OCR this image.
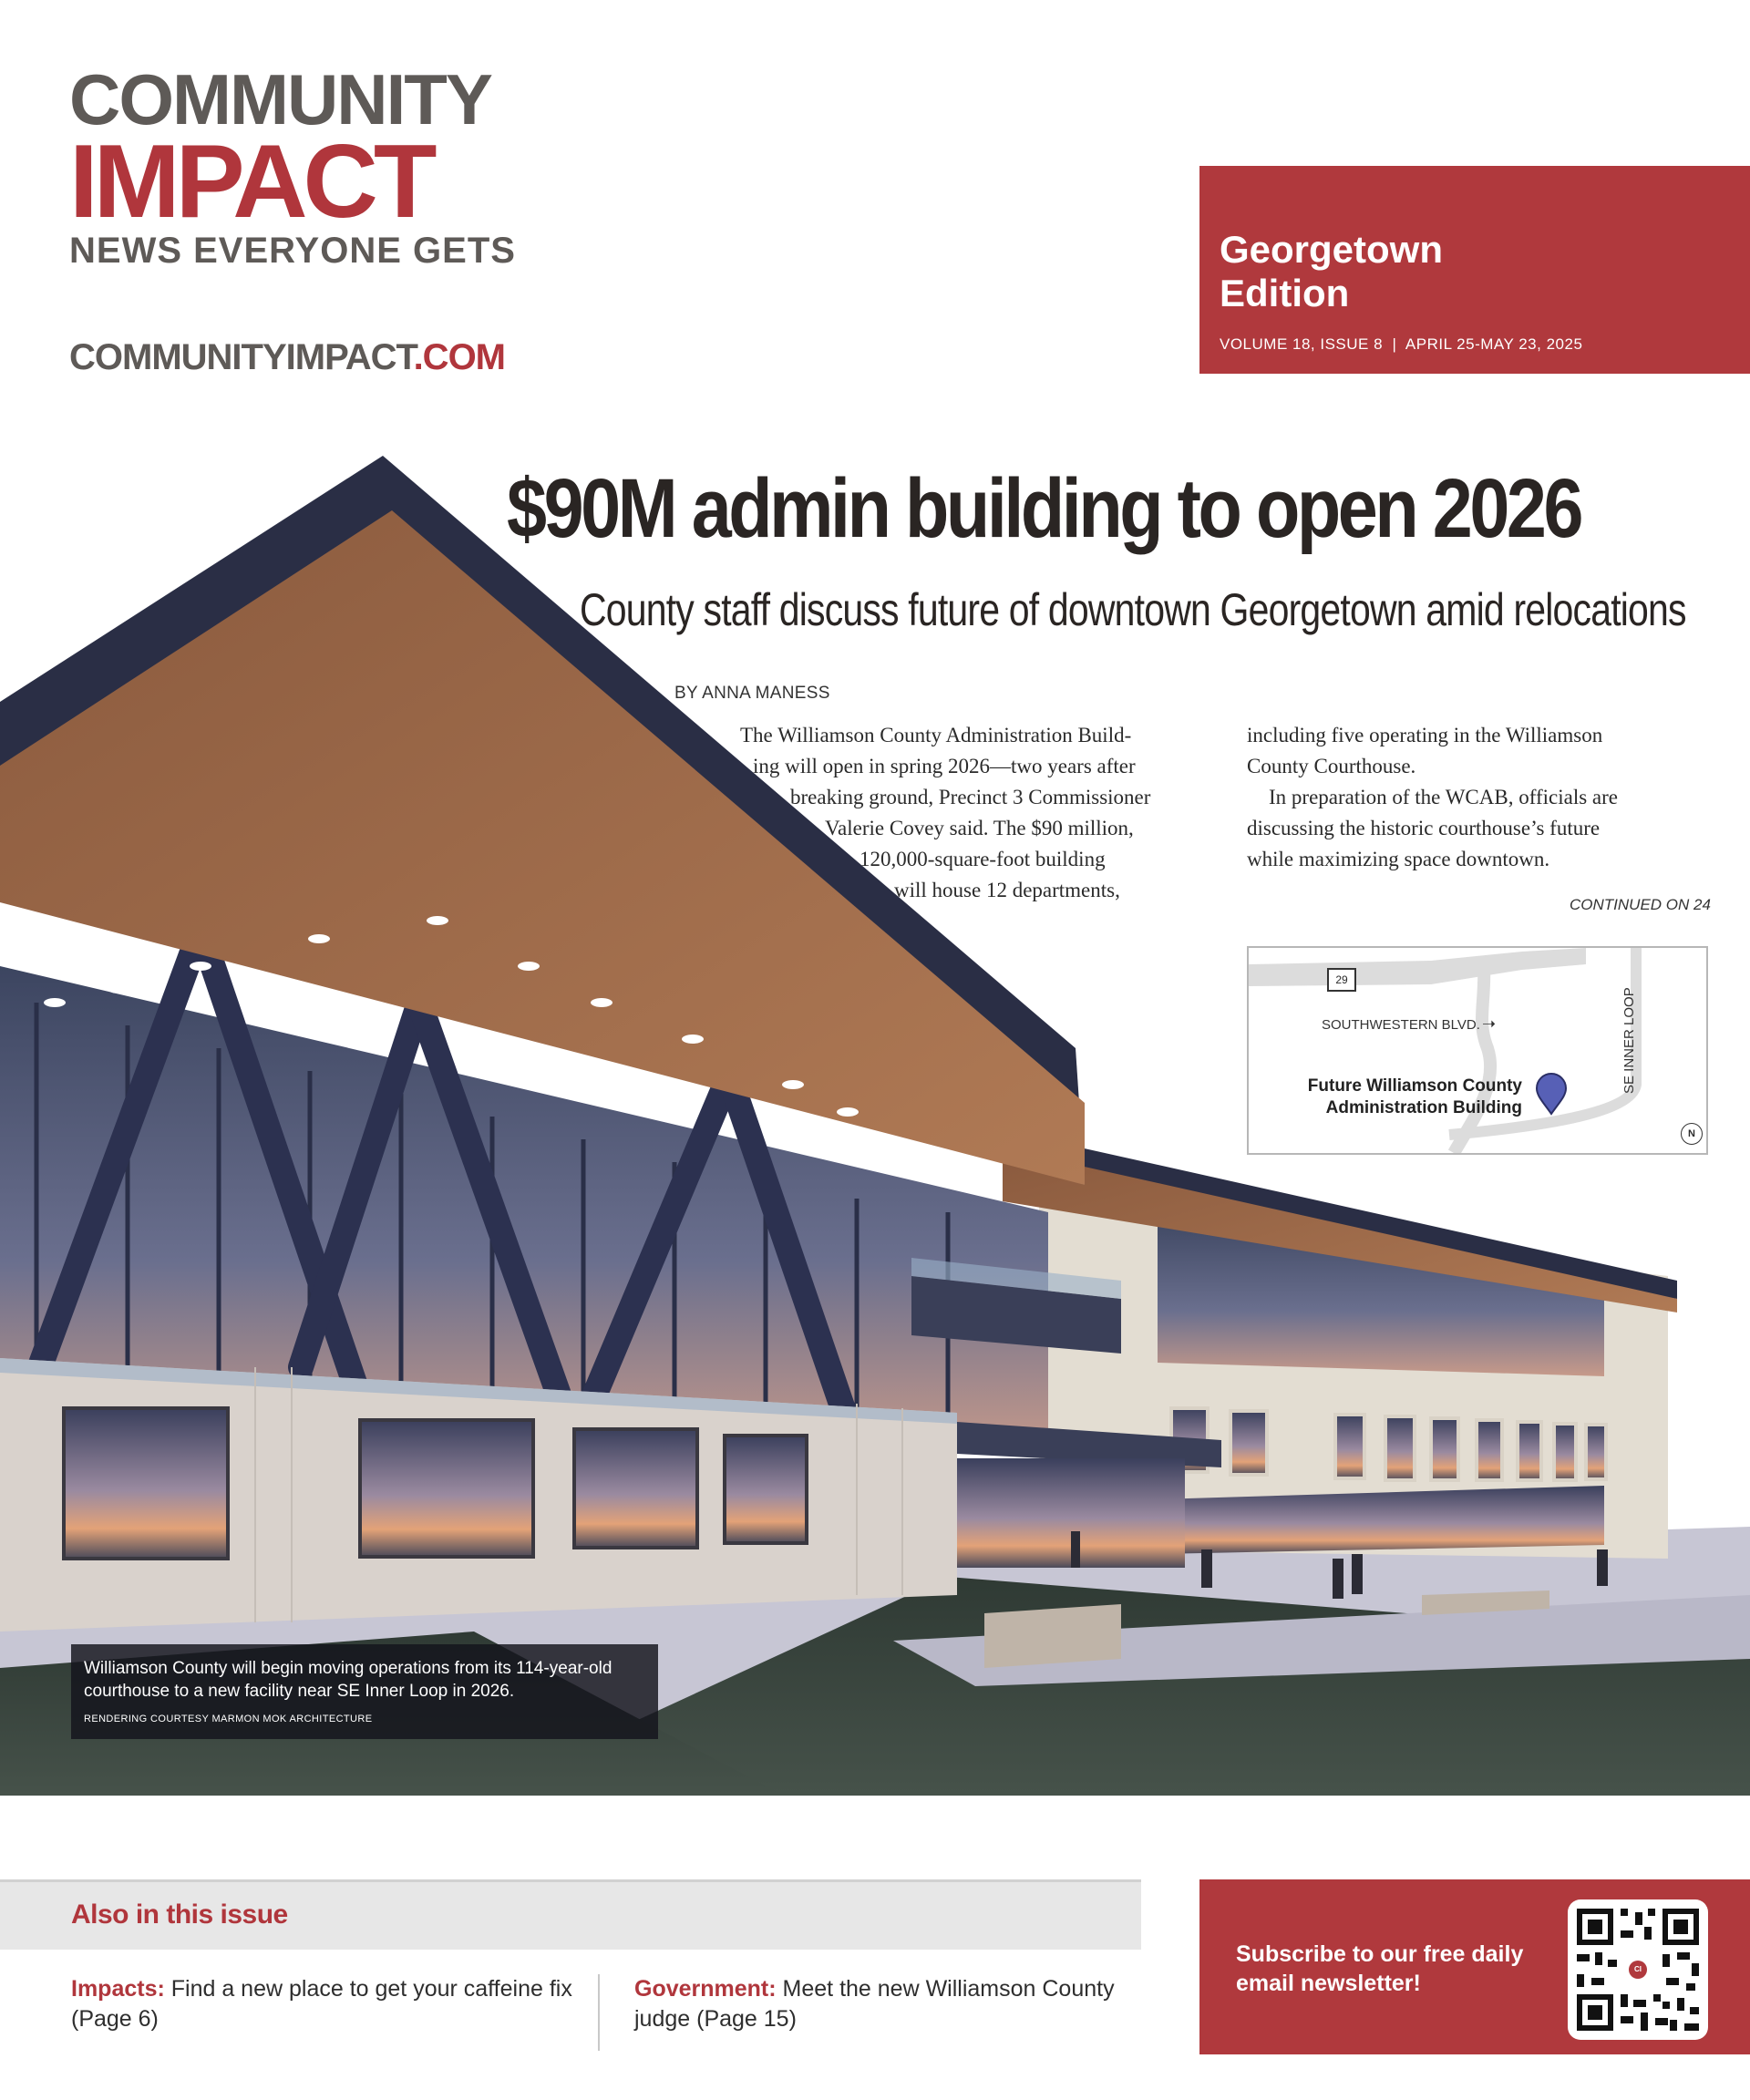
COMMUNITY
IMPACT
NEWS EVERYONE GETS
COMMUNITYIMPACT.COM
Georgetown
Edition
VOLUME 18, ISSUE 8  |  APRIL 25-MAY 23, 2025
$90M admin building to open 2026
County staff discuss future of downtown Georgetown amid relocations
BY ANNA MANESS
The Williamson County Administration Build-
ing will open in spring 2026—two years after
breaking ground, Precinct 3 Commissioner
Valerie Covey said. The $90 million,
120,000-square-foot building
will house 12 departments,
including five operating in the Williamson
County Courthouse.
In preparation of the WCAB, officials are
discussing the historic courthouse’s future
while maximizing space downtown.
CONTINUED ON 24
29
SOUTHWESTERN BLVD. ➝	SE INNER LOOP
Future Williamson County
Administration Building
N
Williamson County will begin moving operations from its 114-year-old courthouse to a new facility near SE Inner Loop in 2026.
RENDERING COURTESY MARMON MOK ARCHITECTURE
Also in this issue
Impacts: Find a new place to get your caffeine fix
(Page 6)
Government: Meet the new Williamson County
judge (Page 15)
Subscribe to our free daily email newsletter!
CI
